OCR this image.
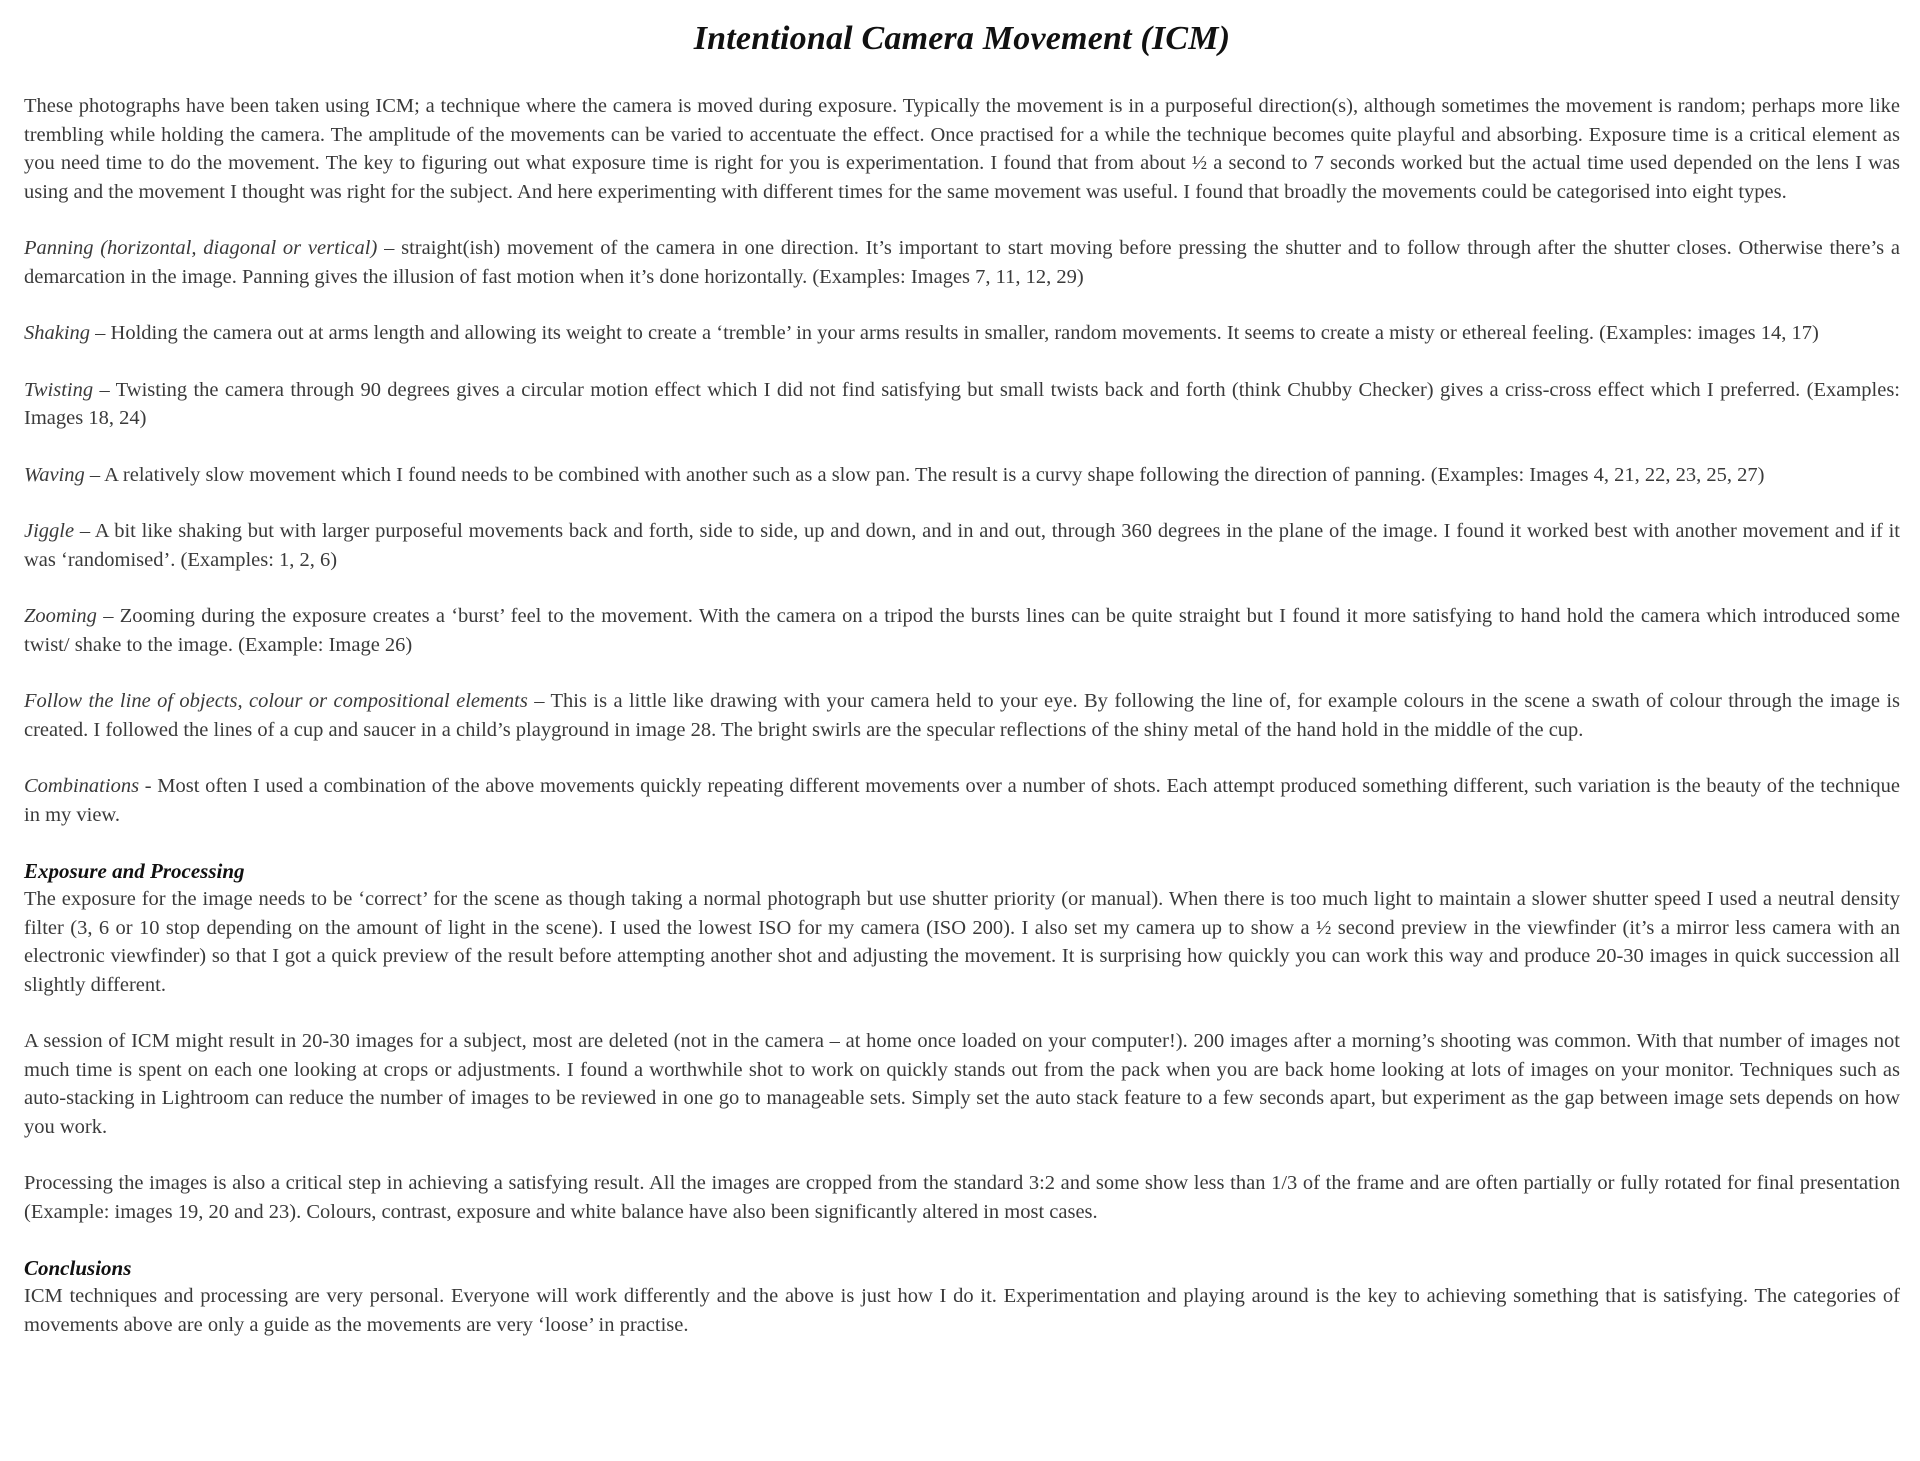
Intentional Camera Movement (ICM)

These photographs have been taken using ICM; a technique where the camera is moved during exposure. Typically the movement is in a purposeful direction(s), although sometimes the movement is random; perhaps more like trembling while holding the camera. The amplitude of the movements can be varied to accentuate the effect. Once practised for a while the technique becomes quite playful and absorbing. Exposure time is a critical element as you need time to do the movement. The key to figuring out what exposure time is right for you is experimentation. I found that from about ½ a second to 7 seconds worked but the actual time used depended on the lens I was using and the movement I thought was right for the subject. And here experimenting with different times for the same movement was useful. I found that broadly the movements could be categorised into eight types.

Panning (horizontal, diagonal or vertical) – straight(ish) movement of the camera in one direction. It’s important to start moving before pressing the shutter and to follow through after the shutter closes. Otherwise there’s a demarcation in the image. Panning gives the illusion of fast motion when it’s done horizontally. (Examples: Images 7, 11, 12, 29)

Shaking – Holding the camera out at arms length and allowing its weight to create a ‘tremble’ in your arms results in smaller, random movements. It seems to create a misty or ethereal feeling. (Examples: images 14, 17)

Twisting – Twisting the camera through 90 degrees gives a circular motion effect which I did not find satisfying but small twists back and forth (think Chubby Checker) gives a criss-cross effect which I preferred. (Examples: Images 18, 24)

Waving – A relatively slow movement which I found needs to be combined with another such as a slow pan. The result is a curvy shape following the direction of panning. (Examples: Images 4, 21, 22, 23, 25, 27)

Jiggle – A bit like shaking but with larger purposeful movements back and forth, side to side, up and down, and in and out, through 360 degrees in the plane of the image. I found it worked best with another movement and if it was ‘randomised’. (Examples: 1, 2, 6)

Zooming – Zooming during the exposure creates a ‘burst’ feel to the movement. With the camera on a tripod the bursts lines can be quite straight but I found it more satisfying to hand hold the camera which introduced some twist/ shake to the image. (Example: Image 26)

Follow the line of objects, colour or compositional elements – This is a little like drawing with your camera held to your eye. By following the line of, for example colours in the scene a swath of colour through the image is created. I followed the lines of a cup and saucer in a child’s playground in image 28. The bright swirls are the specular reflections of the shiny metal of the hand hold in the middle of the cup.

Combinations - Most often I used a combination of the above movements quickly repeating different movements over a number of shots. Each attempt produced something different, such variation is the beauty of the technique in my view.

Exposure and Processing

The exposure for the image needs to be ‘correct’ for the scene as though taking a normal photograph but use shutter priority (or manual). When there is too much light to maintain a slower shutter speed I used a neutral density filter (3, 6 or 10 stop depending on the amount of light in the scene). I used the lowest ISO for my camera (ISO 200). I also set my camera up to show a ½ second preview in the viewfinder (it’s a mirror less camera with an electronic viewfinder) so that I got a quick preview of the result before attempting another shot and adjusting the movement. It is surprising how quickly you can work this way and produce 20-30 images in quick succession all slightly different.

A session of ICM might result in 20-30 images for a subject, most are deleted (not in the camera – at home once loaded on your computer!). 200 images after a morning’s shooting was common. With that number of images not much time is spent on each one looking at crops or adjustments. I found a worthwhile shot to work on quickly stands out from the pack when you are back home looking at lots of images on your monitor. Techniques such as auto-stacking in Lightroom can reduce the number of images to be reviewed in one go to manageable sets. Simply set the auto stack feature to a few seconds apart, but experiment as the gap between image sets depends on how you work.

Processing the images is also a critical step in achieving a satisfying result. All the images are cropped from the standard 3:2 and some show less than 1/3 of the frame and are often partially or fully rotated for final presentation (Example: images 19, 20 and 23). Colours, contrast, exposure and white balance have also been significantly altered in most cases.

Conclusions

ICM techniques and processing are very personal. Everyone will work differently and the above is just how I do it. Experimentation and playing around is the key to achieving something that is satisfying. The categories of movements above are only a guide as the movements are very ‘loose’ in practise.
